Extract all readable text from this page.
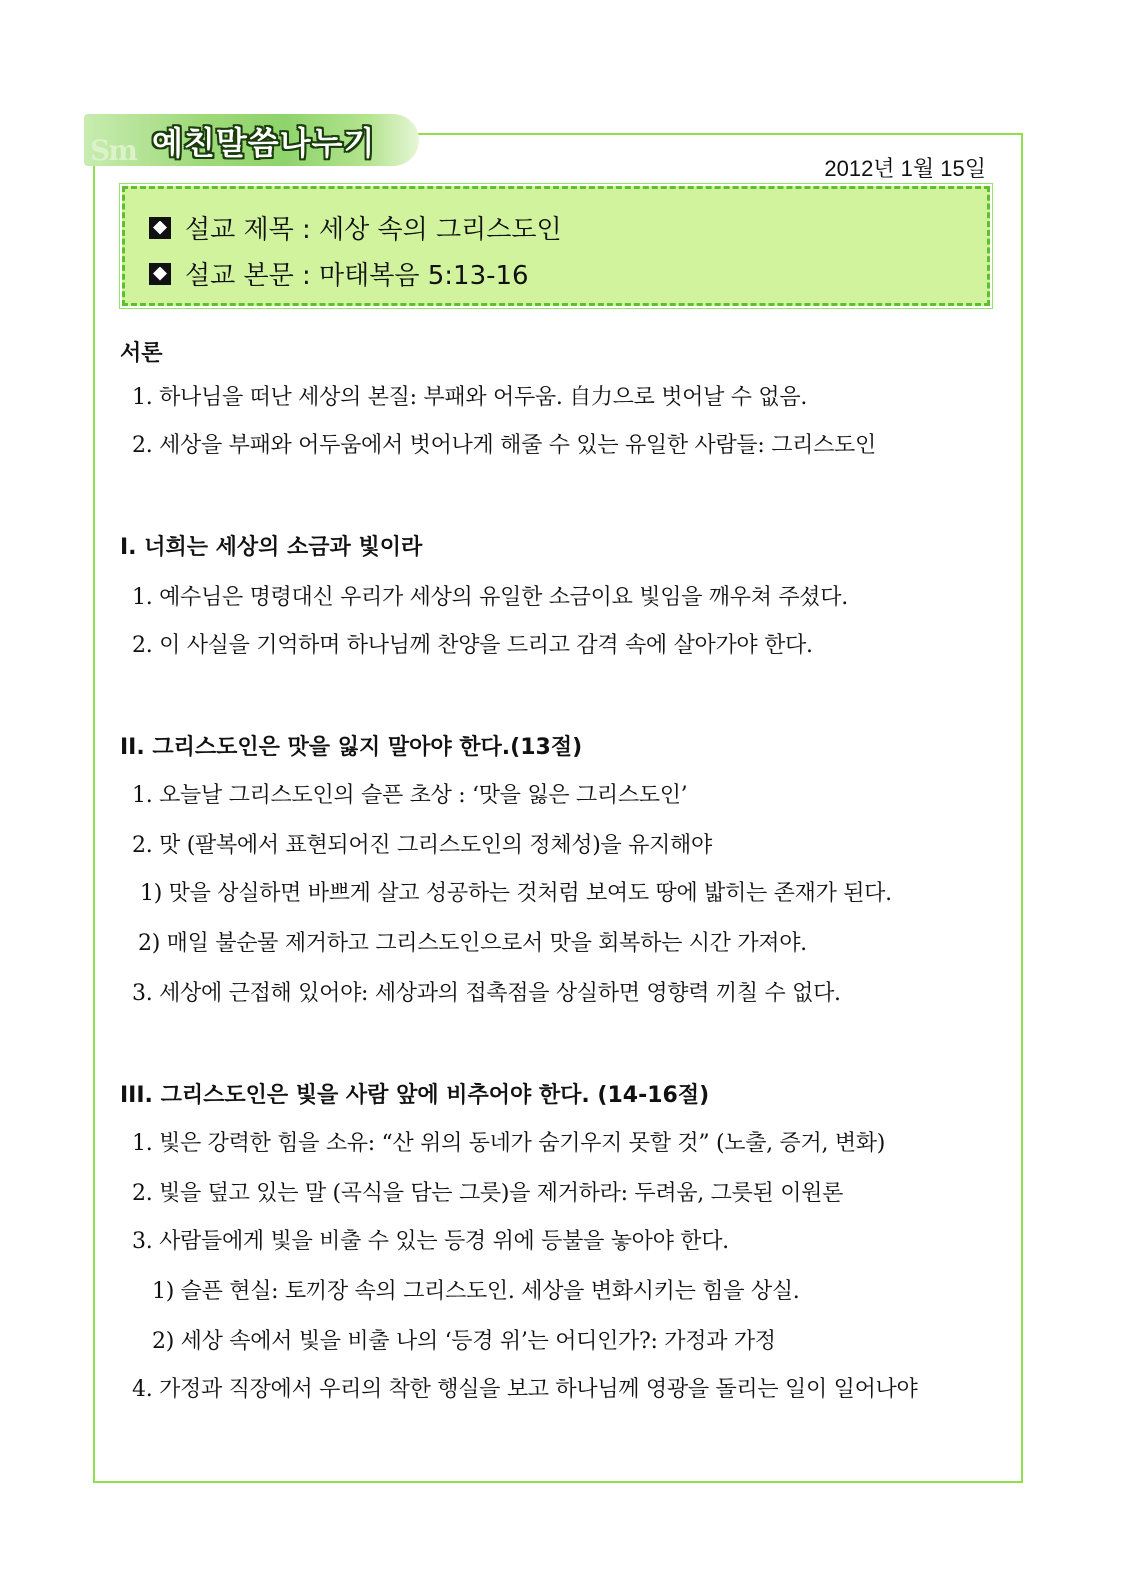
Sm 예친말씀나누기
2012년 1월 15일
설교 제목 : 세상 속의 그리스도인
설교 본문 : 마태복음 5:13-16
서론
1. 하나님을 떠난 세상의 본질: 부패와 어두움. 自力으로 벗어날 수 없음.
2. 세상을 부패와 어두움에서 벗어나게 해줄 수 있는 유일한 사람들: 그리스도인
I. 너희는 세상의 소금과 빛이라
1. 예수님은 명령대신 우리가 세상의 유일한 소금이요 빛임을 깨우쳐 주셨다.
2. 이 사실을 기억하며 하나님께 찬양을 드리고 감격 속에 살아가야 한다.
II. 그리스도인은 맛을 잃지 말아야 한다.(13절)
1. 오늘날 그리스도인의 슬픈 초상 : ‘맛을 잃은 그리스도인’
2. 맛 (팔복에서 표현되어진 그리스도인의 정체성)을 유지해야
1) 맛을 상실하면 바쁘게 살고 성공하는 것처럼 보여도 땅에 밟히는 존재가 된다.
2) 매일 불순물 제거하고 그리스도인으로서 맛을 회복하는 시간 가져야.
3. 세상에 근접해 있어야: 세상과의 접촉점을 상실하면 영향력 끼칠 수 없다.
III. 그리스도인은 빛을 사람 앞에 비추어야 한다. (14-16절)
1. 빛은 강력한 힘을 소유: “산 위의 동네가 숨기우지 못할 것” (노출, 증거, 변화)
2. 빛을 덮고 있는 말 (곡식을 담는 그릇)을 제거하라: 두려움, 그릇된 이원론
3. 사람들에게 빛을 비출 수 있는 등경 위에 등불을 놓아야 한다.
1) 슬픈 현실: 토끼장 속의 그리스도인. 세상을 변화시키는 힘을 상실.
2) 세상 속에서 빛을 비출 나의 ‘등경 위’는 어디인가?: 가정과 가정
4. 가정과 직장에서 우리의 착한 행실을 보고 하나님께 영광을 돌리는 일이 일어나야
